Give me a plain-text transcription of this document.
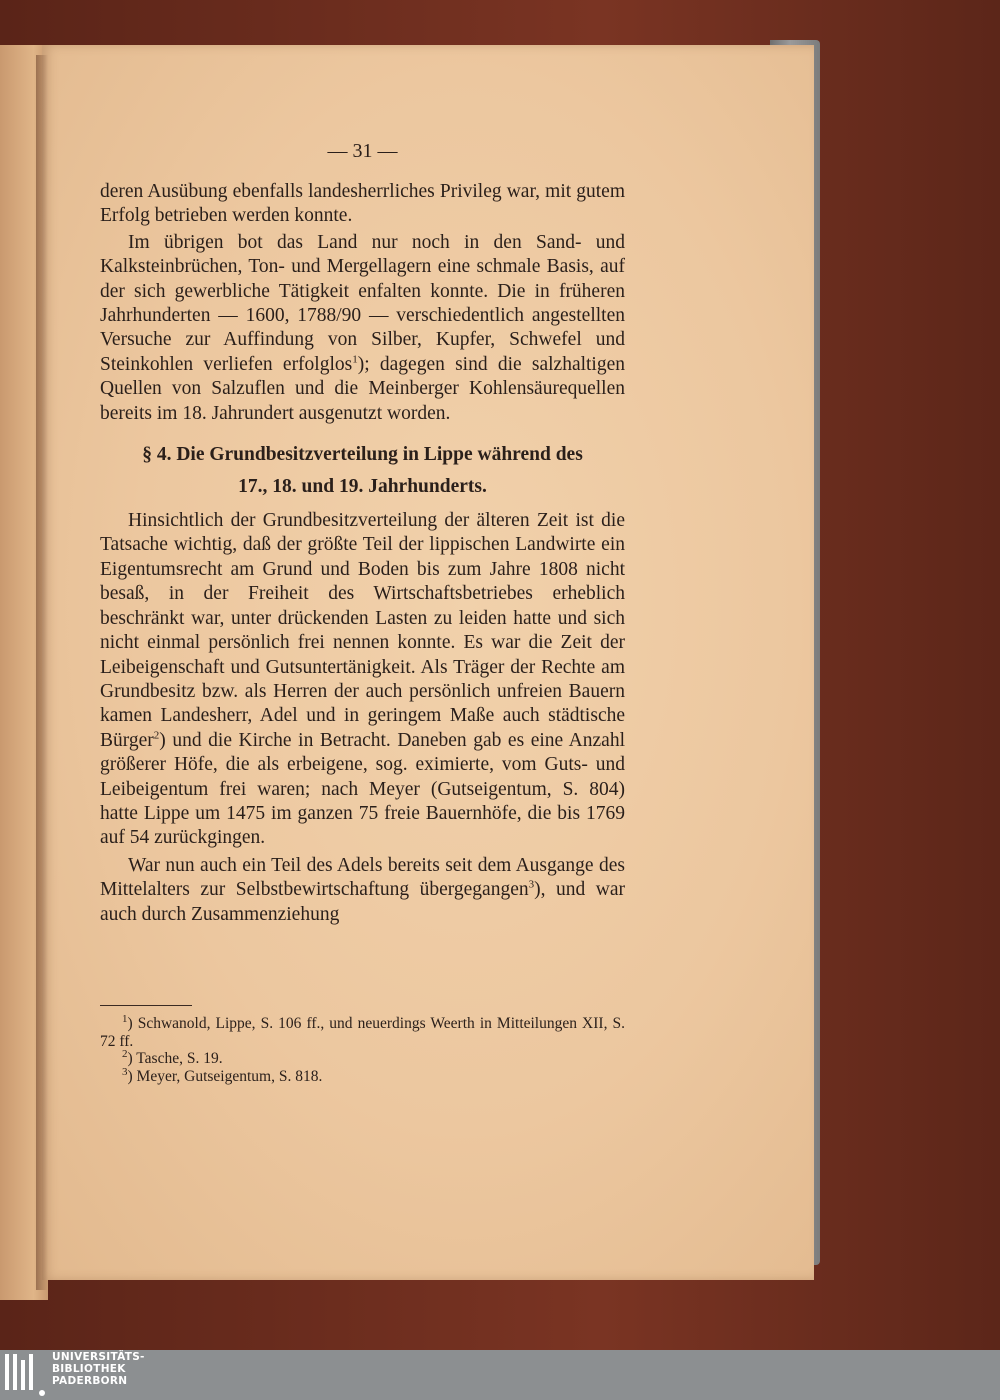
— 31 —

deren Ausübung ebenfalls landesherrliches Privileg war, mit gutem Erfolg betrieben werden konnte.

Im übrigen bot das Land nur noch in den Sand- und Kalksteinbrüchen, Ton- und Mergellagern eine schmale Basis, auf der sich gewerbliche Tätigkeit enfalten konnte. Die in früheren Jahrhunderten — 1600, 1788/90 — verschiedentlich angestellten Versuche zur Auffindung von Silber, Kupfer, Schwefel und Steinkohlen verliefen erfolglos$^1$); dagegen sind die salzhaltigen Quellen von Salzuflen und die Meinberger Kohlensäurequellen bereits im 18. Jahrundert ausgenutzt worden.

§ 4. Die Grundbesitzverteilung in Lippe während des

17., 18. und 19. Jahrhunderts.

Hinsichtlich der Grundbesitzverteilung der älteren Zeit ist die Tatsache wichtig, daß der größte Teil der lippischen Landwirte ein Eigentumsrecht am Grund und Boden bis zum Jahre 1808 nicht besaß, in der Freiheit des Wirtschaftsbetriebes erheblich beschränkt war, unter drückenden Lasten zu leiden hatte und sich nicht einmal persönlich frei nennen konnte. Es war die Zeit der Leibeigenschaft und Gutsuntertänigkeit. Als Träger der Rechte am Grundbesitz bzw. als Herren der auch persönlich unfreien Bauern kamen Landesherr, Adel und in geringem Maße auch städtische Bürger$^2$) und die Kirche in Betracht. Daneben gab es eine Anzahl größerer Höfe, die als erbeigene, sog. eximierte, vom Guts- und Leibeigentum frei waren; nach Meyer (Gutseigentum, S. 804) hatte Lippe um 1475 im ganzen 75 freie Bauernhöfe, die bis 1769 auf 54 zurückgingen.

War nun auch ein Teil des Adels bereits seit dem Ausgange des Mittelalters zur Selbstbewirtschaftung übergegangen$^3$), und war auch durch Zusammenziehung

$^1$) Schwanold, Lippe, S. 106 ff., und neuerdings Weerth in Mitteilungen XII, S. 72 ff.

$^2$) Tasche, S. 19.

$^3$) Meyer, Gutseigentum, S. 818.

UNIVERSITÄTS-
BIBLIOTHEK
PADERBORN
